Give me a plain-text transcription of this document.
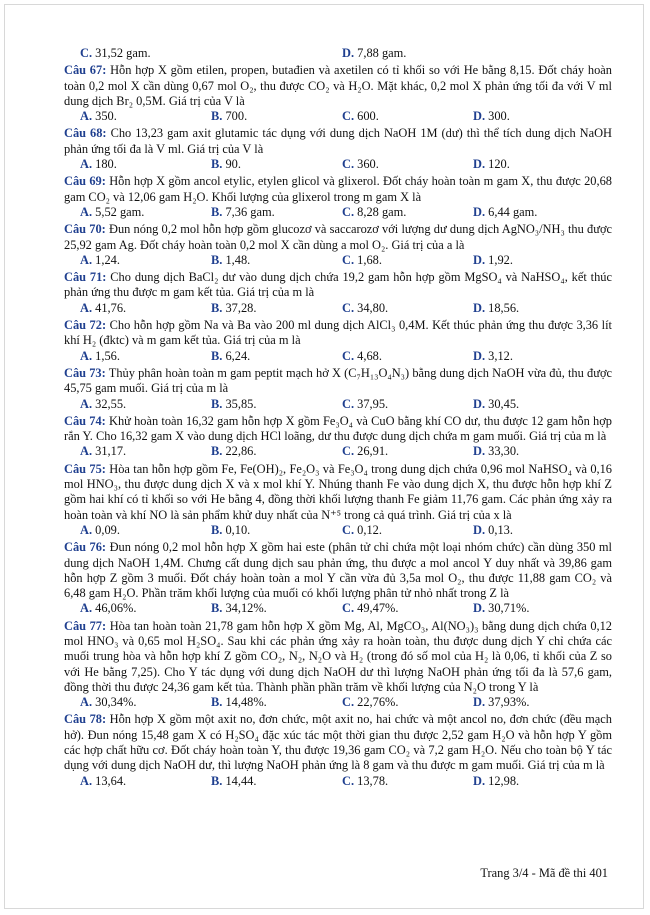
C. 31,52 gam.	D. 7,88 gam.

Câu 67: Hỗn hợp X gồm etilen, propen, butađien và axetilen có tỉ khối so với He bằng 8,15. Đốt cháy hoàn toàn 0,2 mol X cần dùng 0,67 mol O₂, thu được CO₂ và H₂O. Mặt khác, 0,2 mol X phản ứng tối đa với V ml dung dịch Br₂ 0,5M. Giá trị của V là

A. 350.	B. 700.	C. 600.	D. 300.

Câu 68: Cho 13,23 gam axit glutamic tác dụng với dung dịch NaOH 1M (dư) thì thể tích dung dịch NaOH phản ứng tối đa là V ml. Giá trị của V là

A. 180.	B. 90.	C. 360.	D. 120.

Câu 69: Hỗn hợp X gồm ancol etylic, etylen glicol và glixerol. Đốt cháy hoàn toàn m gam X, thu được 20,68 gam CO₂ và 12,06 gam H₂O. Khối lượng của glixerol trong m gam X là

A. 5,52 gam.	B. 7,36 gam.	C. 8,28 gam.	D. 6,44 gam.

Câu 70: Đun nóng 0,2 mol hỗn hợp gồm glucozơ và saccarozơ với lượng dư dung dịch AgNO₃/NH₃ thu được 25,92 gam Ag. Đốt cháy hoàn toàn 0,2 mol X cần dùng a mol O₂. Giá trị của a là

A. 1,24.	B. 1,48.	C. 1,68.	D. 1,92.

Câu 71: Cho dung dịch BaCl₂ dư vào dung dịch chứa 19,2 gam hỗn hợp gồm MgSO₄ và NaHSO₄, kết thúc phản ứng thu được m gam kết tủa. Giá trị của m là

A. 41,76.	B. 37,28.	C. 34,80.	D. 18,56.

Câu 72: Cho hỗn hợp gồm Na và Ba vào 200 ml dung dịch AlCl₃ 0,4M. Kết thúc phản ứng thu được 3,36 lít khí H₂ (đktc) và m gam kết tủa. Giá trị của m là

A. 1,56.	B. 6,24.	C. 4,68.	D. 3,12.

Câu 73: Thủy phân hoàn toàn m gam peptit mạch hở X (C₇H₁₃O₄N₃) bằng dung dịch NaOH vừa đủ, thu được 45,75 gam muối. Giá trị của m là

A. 32,55.	B. 35,85.	C. 37,95.	D. 30,45.

Câu 74: Khử hoàn toàn 16,32 gam hỗn hợp X gồm Fe₃O₄ và CuO bằng khí CO dư, thu được 12 gam hỗn hợp rắn Y. Cho 16,32 gam X vào dung dịch HCl loãng, dư thu được dung dịch chứa m gam muối. Giá trị của m là

A. 31,17.	B. 22,86.	C. 26,91.	D. 33,30.

Câu 75: Hòa tan hỗn hợp gồm Fe, Fe(OH)₂, Fe₂O₃ và Fe₃O₄ trong dung dịch chứa 0,96 mol NaHSO₄ và 0,16 mol HNO₃, thu được dung dịch X và x mol khí Y. Nhúng thanh Fe vào dung dịch X, thu được hỗn hợp khí Z gồm hai khí có tỉ khối so với He bằng 4, đồng thời khối lượng thanh Fe giảm 11,76 gam. Các phản ứng xảy ra hoàn toàn và khí NO là sản phẩm khử duy nhất của N⁺⁵ trong cả quá trình. Giá trị của x là

A. 0,09.	B. 0,10.	C. 0,12.	D. 0,13.

Câu 76: Đun nóng 0,2 mol hỗn hợp X gồm hai este (phân tử chỉ chứa một loại nhóm chức) cần dùng 350 ml dung dịch NaOH 1,4M. Chưng cất dung dịch sau phản ứng, thu được a mol ancol Y duy nhất và 39,86 gam hỗn hợp Z gồm 3 muối. Đốt cháy hoàn toàn a mol Y cần vừa đủ 3,5a mol O₂, thu được 11,88 gam CO₂ và 6,48 gam H₂O. Phần trăm khối lượng của muối có khối lượng phân tử nhỏ nhất trong Z là

A. 46,06%.	B. 34,12%.	C. 49,47%.	D. 30,71%.

Câu 77: Hòa tan hoàn toàn 21,78 gam hỗn hợp X gồm Mg, Al, MgCO₃, Al(NO₃)₃ bằng dung dịch chứa 0,12 mol HNO₃ và 0,65 mol H₂SO₄. Sau khi các phản ứng xảy ra hoàn toàn, thu được dung dịch Y chỉ chứa các muối trung hòa và hỗn hợp khí Z gồm CO₂, N₂, N₂O và H₂ (trong đó số mol của H₂ là 0,06, tỉ khối của Z so với He bằng 7,25). Cho Y tác dụng với dung dịch NaOH dư thì lượng NaOH phản ứng tối đa là 57,6 gam, đồng thời thu được 24,36 gam kết tủa. Thành phần phần trăm về khối lượng của N₂O trong Y là

A. 30,34%.	B. 14,48%.	C. 22,76%.	D. 37,93%.

Câu 78: Hỗn hợp X gồm một axit no, đơn chức, một axit no, hai chức và một ancol no, đơn chức (đều mạch hở). Đun nóng 15,48 gam X có H₂SO₄ đặc xúc tác một thời gian thu được 2,52 gam H₂O và hỗn hợp Y gồm các hợp chất hữu cơ. Đốt cháy hoàn toàn Y, thu được 19,36 gam CO₂ và 7,2 gam H₂O. Nếu cho toàn bộ Y tác dụng với dung dịch NaOH dư, thì lượng NaOH phản ứng là 8 gam và thu được m gam muối. Giá trị của m là

A. 13,64.	B. 14,44.	C. 13,78.	D. 12,98.
Trang 3/4 - Mã đề thi 401
